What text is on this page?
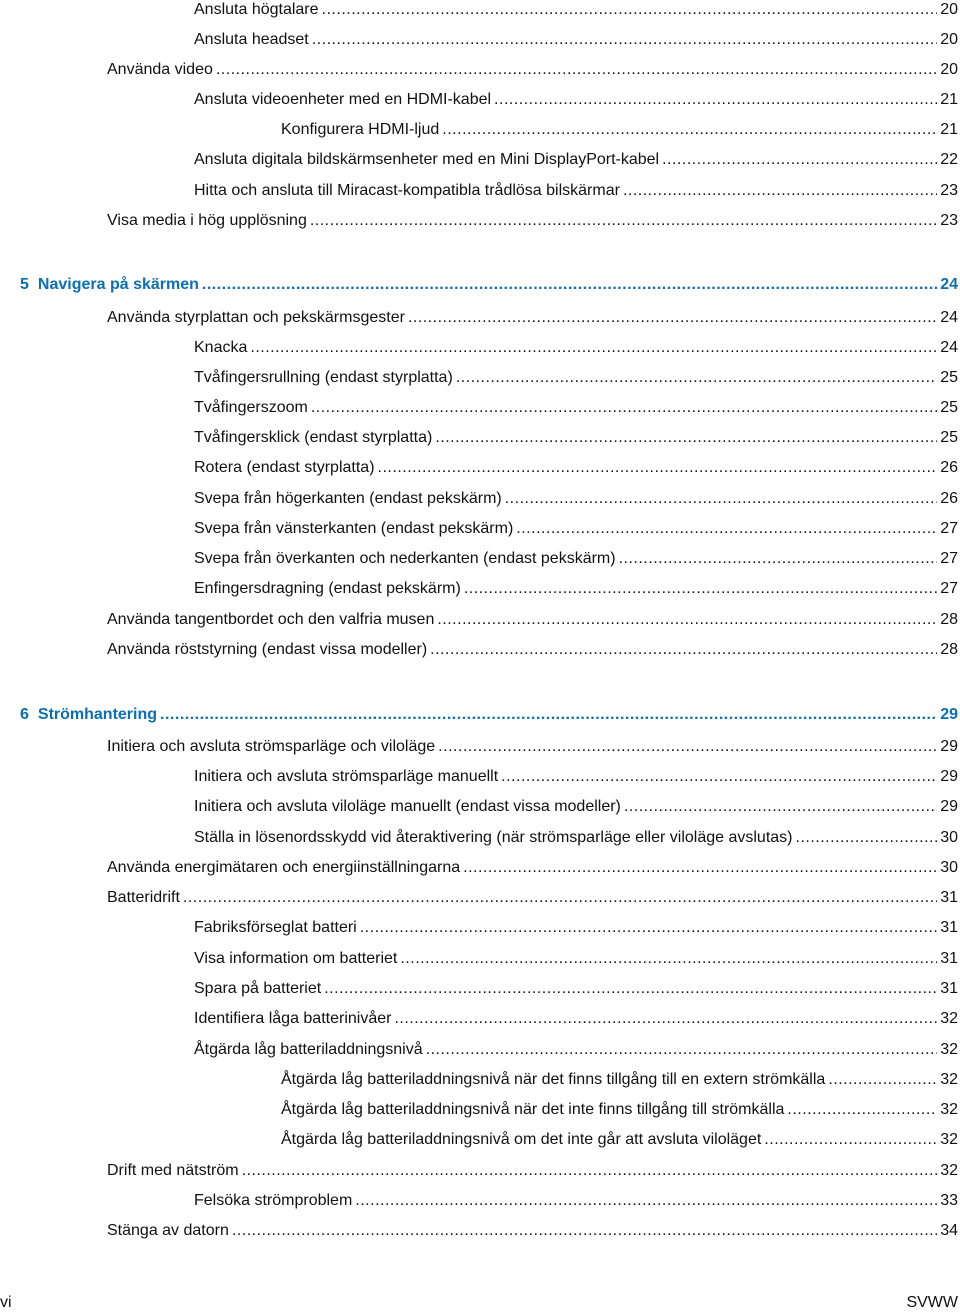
Ansluta högtalare .....	20
Ansluta headset .....	20
Använda video .....	20
Ansluta videoenheter med en HDMI-kabel .....	21
Konfigurera HDMI-ljud .....	21
Ansluta digitala bildskärmsenheter med en Mini DisplayPort-kabel .....	22
Hitta och ansluta till Miracast-kompatibla trådlösa bilskärmar .....	23
Visa media i hög upplösning .....	23
5 Navigera på skärmen .....	24
Använda styrplattan och pekskärmsgester .....	24
Knacka .....	24
Tvåfingersrullning (endast styrplatta) .....	25
Tvåfingerszoom .....	25
Tvåfingersklick (endast styrplatta) .....	25
Rotera (endast styrplatta) .....	26
Svepa från högerkanten (endast pekskärm) .....	26
Svepa från vänsterkanten (endast pekskärm) .....	27
Svepa från överkanten och nederkanten (endast pekskärm) .....	27
Enfingersdragning (endast pekskärm) .....	27
Använda tangentbordet och den valfria musen .....	28
Använda röststyrning (endast vissa modeller) .....	28
6 Strömhantering .....	29
Initiera och avsluta strömsparläge och viloläge .....	29
Initiera och avsluta strömsparläge manuellt .....	29
Initiera och avsluta viloläge manuellt (endast vissa modeller) .....	29
Ställa in lösenordsskydd vid återaktivering (när strömsparläge eller viloläge avslutas) .....	30
Använda energimätaren och energiinställningarna .....	30
Batteridrift .....	31
Fabriksförseglat batteri .....	31
Visa information om batteriet .....	31
Spara på batteriet .....	31
Identifiera låga batterinivåer .....	32
Åtgärda låg batteriladdningsnivå .....	32
Åtgärda låg batteriladdningsnivå när det finns tillgång till en extern strömkälla .....	32
Åtgärda låg batteriladdningsnivå när det inte finns tillgång till strömkälla .....	32
Åtgärda låg batteriladdningsnivå om det inte går att avsluta viloläget .....	32
Drift med nätström .....	32
Felsöka strömproblem .....	33
Stänga av datorn .....	34
vi	SVWW
